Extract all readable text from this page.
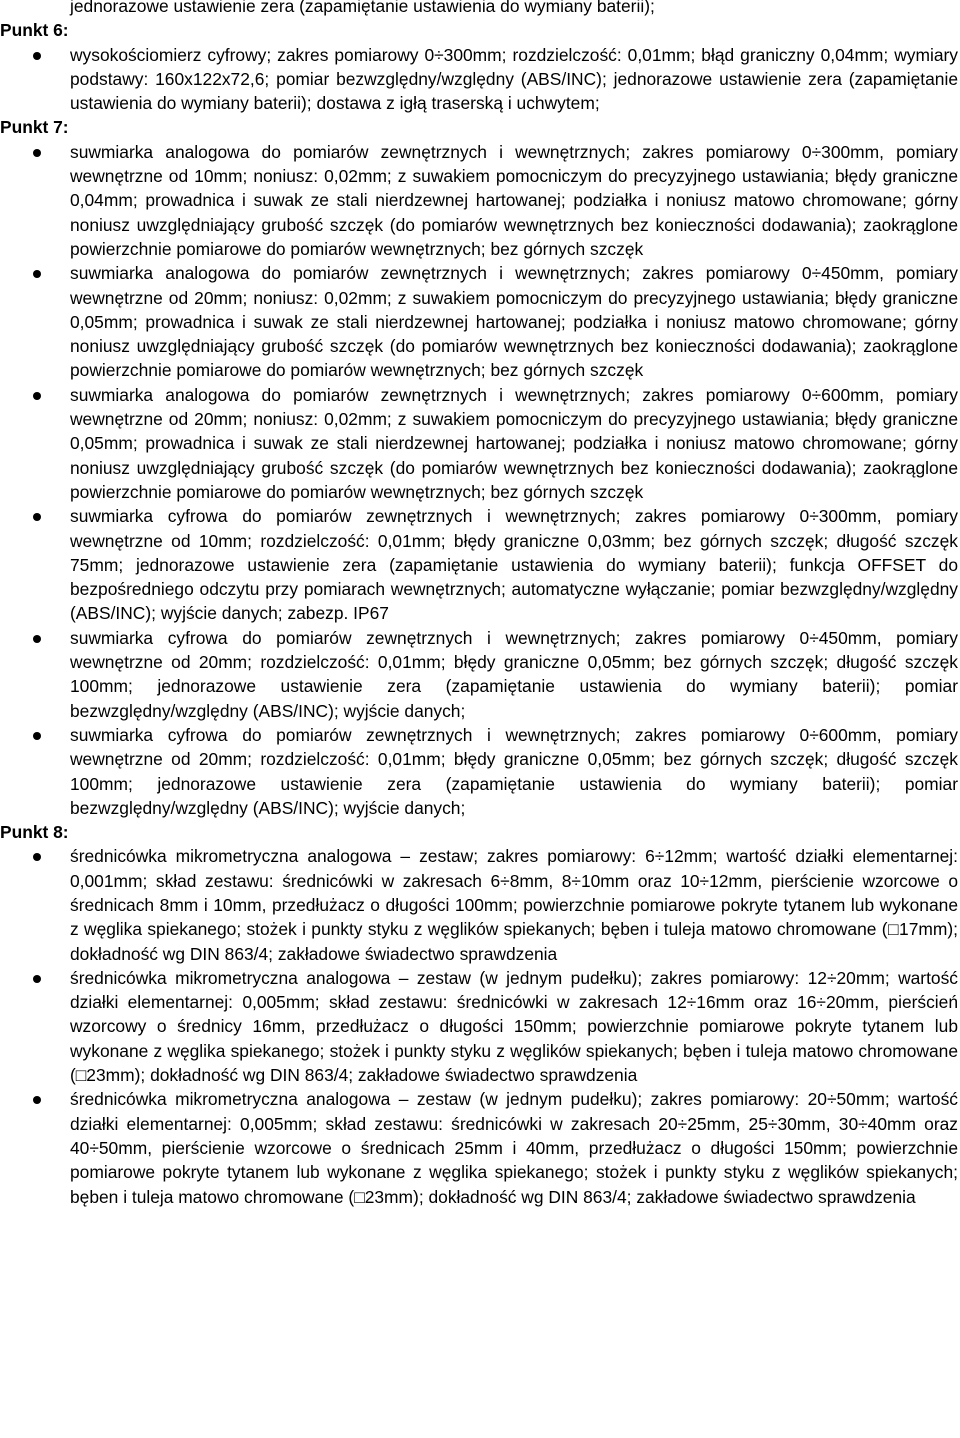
jednorazowe ustawienie zera (zapamiętanie ustawienia do wymiany baterii);
Punkt 6:
wysokościomierz cyfrowy; zakres pomiarowy 0÷300mm; rozdzielczość: 0,01mm; błąd graniczny 0,04mm; wymiary podstawy: 160x122x72,6; pomiar bezwzględny/względny (ABS/INC); jednorazowe ustawienie zera (zapamiętanie ustawienia do wymiany baterii); dostawa z igłą traserską i uchwytem;
Punkt 7:
suwmiarka analogowa do pomiarów zewnętrznych i wewnętrznych; zakres pomiarowy 0÷300mm, pomiary wewnętrzne od 10mm; noniusz: 0,02mm; z suwakiem pomocniczym do precyzyjnego ustawiania; błędy graniczne 0,04mm; prowadnica i suwak ze stali nierdzewnej hartowanej; podziałka i noniusz matowo chromowane; górny noniusz uwzględniający grubość szczęk (do pomiarów wewnętrznych bez konieczności dodawania); zaokrąglone powierzchnie pomiarowe do pomiarów wewnętrznych; bez górnych szczęk
suwmiarka analogowa do pomiarów zewnętrznych i wewnętrznych; zakres pomiarowy 0÷450mm, pomiary wewnętrzne od 20mm; noniusz: 0,02mm; z suwakiem pomocniczym do precyzyjnego ustawiania; błędy graniczne 0,05mm; prowadnica i suwak ze stali nierdzewnej hartowanej; podziałka i noniusz matowo chromowane; górny noniusz uwzględniający grubość szczęk (do pomiarów wewnętrznych bez konieczności dodawania); zaokrąglone powierzchnie pomiarowe do pomiarów wewnętrznych; bez górnych szczęk
suwmiarka analogowa do pomiarów zewnętrznych i wewnętrznych; zakres pomiarowy 0÷600mm, pomiary wewnętrzne od 20mm; noniusz: 0,02mm; z suwakiem pomocniczym do precyzyjnego ustawiania; błędy graniczne 0,05mm; prowadnica i suwak ze stali nierdzewnej hartowanej; podziałka i noniusz matowo chromowane; górny noniusz uwzględniający grubość szczęk (do pomiarów wewnętrznych bez konieczności dodawania); zaokrąglone powierzchnie pomiarowe do pomiarów wewnętrznych; bez górnych szczęk
suwmiarka cyfrowa do pomiarów zewnętrznych i wewnętrznych; zakres pomiarowy 0÷300mm, pomiary wewnętrzne od 10mm; rozdzielczość: 0,01mm; błędy graniczne 0,03mm; bez górnych szczęk; długość szczęk 75mm; jednorazowe ustawienie zera (zapamiętanie ustawienia do wymiany baterii); funkcja OFFSET do bezpośredniego odczytu przy pomiarach wewnętrznych; automatyczne wyłączanie; pomiar bezwzględny/względny (ABS/INC); wyjście danych; zabezp. IP67
suwmiarka cyfrowa do pomiarów zewnętrznych i wewnętrznych; zakres pomiarowy 0÷450mm, pomiary wewnętrzne od 20mm; rozdzielczość: 0,01mm; błędy graniczne 0,05mm; bez górnych szczęk; długość szczęk 100mm; jednorazowe ustawienie zera (zapamiętanie ustawienia do wymiany baterii); pomiar bezwzględny/względny (ABS/INC); wyjście danych;
suwmiarka cyfrowa do pomiarów zewnętrznych i wewnętrznych; zakres pomiarowy 0÷600mm, pomiary wewnętrzne od 20mm; rozdzielczość: 0,01mm; błędy graniczne 0,05mm; bez górnych szczęk; długość szczęk 100mm; jednorazowe ustawienie zera (zapamiętanie ustawienia do wymiany baterii); pomiar bezwzględny/względny (ABS/INC); wyjście danych;
Punkt 8:
średnicówka mikrometryczna analogowa – zestaw; zakres pomiarowy: 6÷12mm; wartość działki elementarnej: 0,001mm; skład zestawu: średnicówki w zakresach 6÷8mm, 8÷10mm oraz 10÷12mm, pierścienie wzorcowe o średnicach 8mm i 10mm, przedłużacz o długości 100mm; powierzchnie pomiarowe pokryte tytanem lub wykonane z węglika spiekanego; stożek i punkty styku z węglików spiekanych; bęben i tuleja matowo chromowane (□17mm); dokładność wg DIN 863/4; zakładowe świadectwo sprawdzenia
średnicówka mikrometryczna analogowa – zestaw (w jednym pudełku); zakres pomiarowy: 12÷20mm; wartość działki elementarnej: 0,005mm; skład zestawu: średnicówki w zakresach 12÷16mm oraz 16÷20mm, pierścień wzorcowy o średnicy 16mm, przedłużacz o długości 150mm; powierzchnie pomiarowe pokryte tytanem lub wykonane z węglika spiekanego; stożek i punkty styku z węglików spiekanych; bęben i tuleja matowo chromowane (□23mm); dokładność wg DIN 863/4; zakładowe świadectwo sprawdzenia
średnicówka mikrometryczna analogowa – zestaw (w jednym pudełku); zakres pomiarowy: 20÷50mm; wartość działki elementarnej: 0,005mm; skład zestawu: średnicówki w zakresach 20÷25mm, 25÷30mm, 30÷40mm oraz 40÷50mm, pierścienie wzorcowe o średnicach 25mm i 40mm, przedłużacz o długości 150mm; powierzchnie pomiarowe pokryte tytanem lub wykonane z węglika spiekanego; stożek i punkty styku z węglików spiekanych; bęben i tuleja matowo chromowane (□23mm); dokładność wg DIN 863/4; zakładowe świadectwo sprawdzenia
